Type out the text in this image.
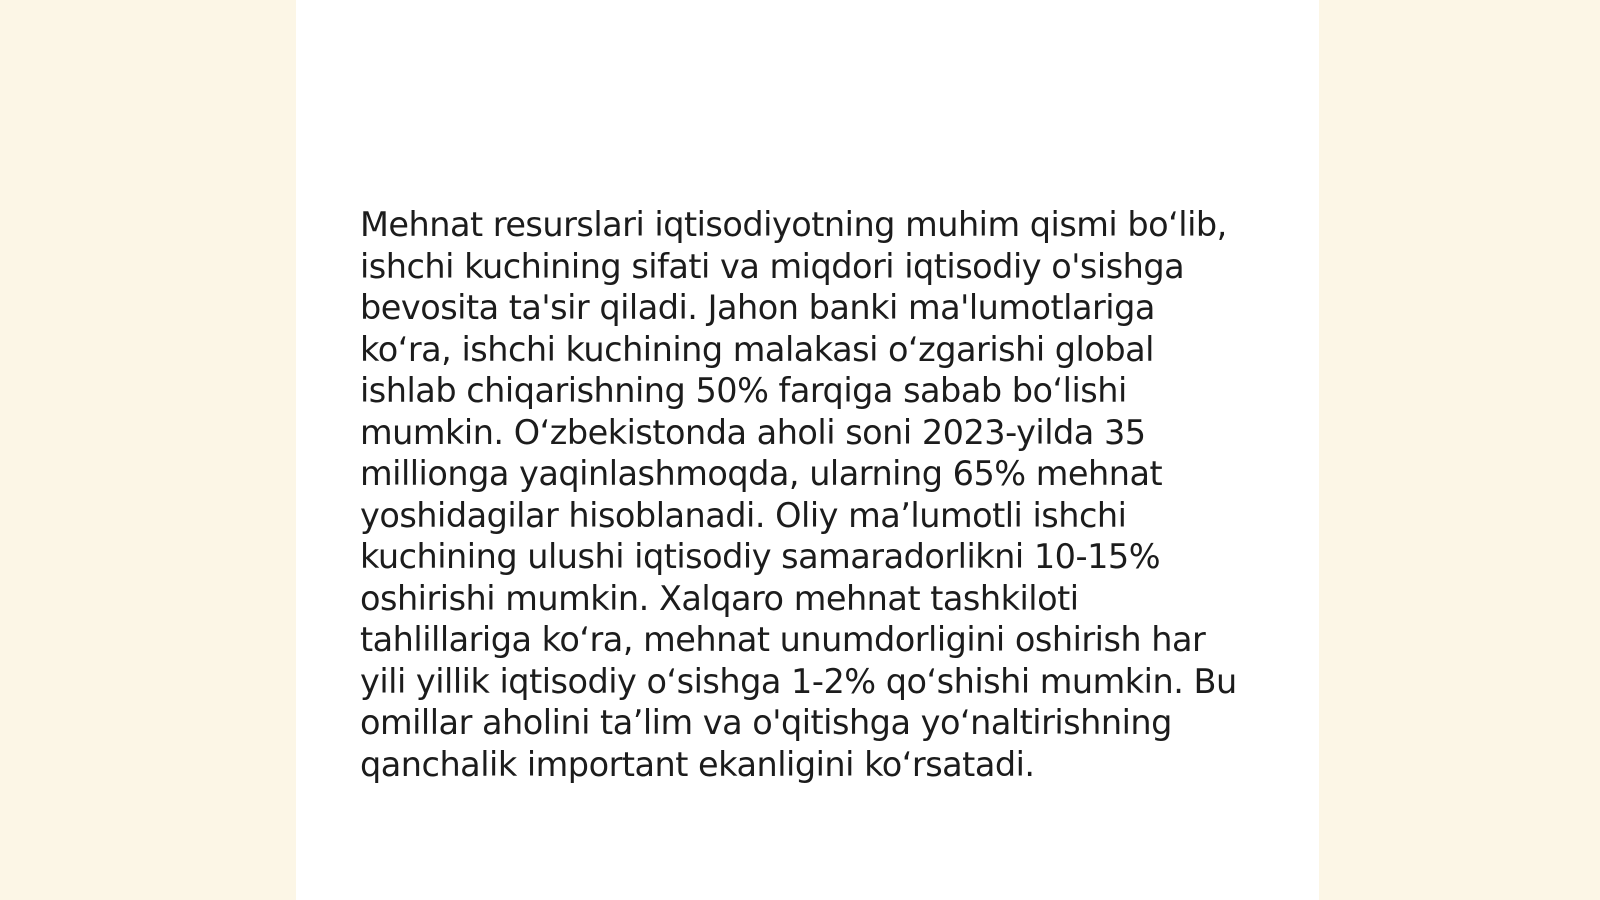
Mehnat resurslari iqtisodiyotning muhim qismi bo‘lib,
ishchi kuchining sifati va miqdori iqtisodiy o'sishga
bevosita ta'sir qiladi. Jahon banki ma'lumotlariga
ko‘ra, ishchi kuchining malakasi o‘zgarishi global
ishlab chiqarishning 50% farqiga sabab bo‘lishi
mumkin. O‘zbekistonda aholi soni 2023-yilda 35
millionga yaqinlashmoqda, ularning 65% mehnat
yoshidagilar hisoblanadi. Oliy ma’lumotli ishchi
kuchining ulushi iqtisodiy samaradorlikni 10-15%
oshirishi mumkin. Xalqaro mehnat tashkiloti
tahlillariga ko‘ra, mehnat unumdorligini oshirish har
yili yillik iqtisodiy o‘sishga 1-2% qo‘shishi mumkin. Bu
omillar aholini ta’lim va o'qitishga yo‘naltirishning
qanchalik important ekanligini ko‘rsatadi.
